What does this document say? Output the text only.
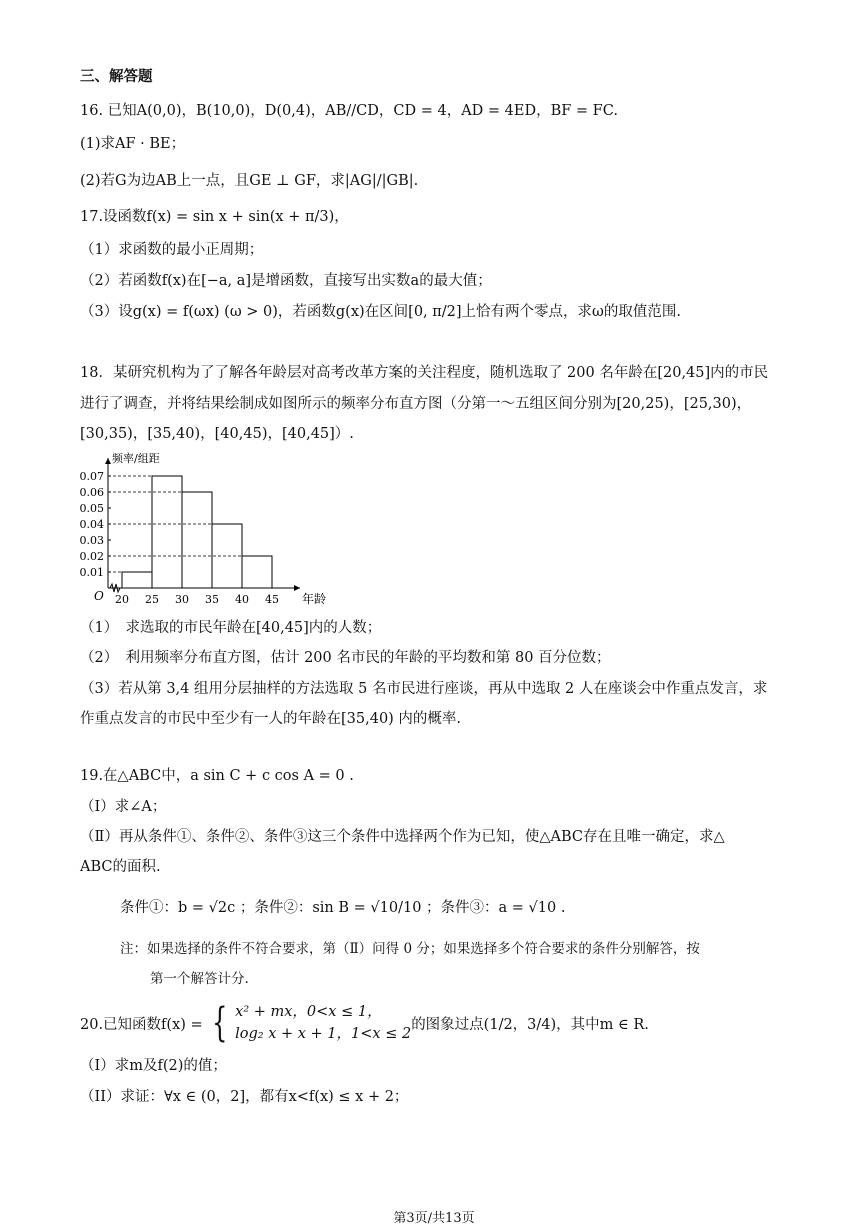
三、解答题
16. 已知A(0,0)，B(10,0)，D(0,4)，AB//CD，CD = 4，AD = 4ED，BF = FC.
(1)求AF · BE；
(2)若G为边AB上一点，且GE ⊥ GF，求|AG|/|GB|.
17.设函数f(x) = sin x + sin(x + π/3)，
（1）求函数的最小正周期；
（2）若函数f(x)在[−a, a]是增函数，直接写出实数a的最大值；
（3）设g(x) = f(ωx) (ω > 0)，若函数g(x)在区间[0, π/2]上恰有两个零点，求ω的取值范围.
18．某研究机构为了了解各年龄层对高考改革方案的关注程度，随机选取了 200 名年龄在[20,45]内的市民
进行了调查，并将结果绘制成如图所示的频率分布直方图（分第一～五组区间分别为[20,25)，[25,30)，
[30,35)，[35,40)，[40,45)，[40,45]）.
频率/组距
年龄
O
0.01
0.02
0.03
0.04
0.05
0.06
0.07
20 25 30 35 40 45
（1）　求选取的市民年龄在[40,45]内的人数；
（2）　利用频率分布直方图，估计 200 名市民的年龄的平均数和第 80 百分位数；
（3）若从第 3,4 组用分层抽样的方法选取 5 名市民进行座谈，再从中选取 2 人在座谈会中作重点发言，求
作重点发言的市民中至少有一人的年龄在[35,40) 内的概率.
19.在△ABC中，a sin C + c cos A = 0 .
（Ⅰ）求∠A；
（Ⅱ）再从条件①、条件②、条件③这三个条件中选择两个作为已知，使△ABC存在且唯一确定，求△
ABC的面积.
条件①：b = √2c ；条件②：sin B = √10/10 ；条件③：a = √10 .
注：如果选择的条件不符合要求，第（Ⅱ）问得 0 分；如果选择多个符合要求的条件分别解答，按
第一个解答计分.
20.已知函数f(x) = { x² + mx，0<x ≤ 1，
log₂ x + x + 1，1<x ≤ 2
的图象过点(1/2，3/4)，其中m ∈ R.
（I）求m及f(2)的值；
（II）求证：∀x ∈ (0，2]，都有x<f(x) ≤ x + 2；
第3页/共13页
